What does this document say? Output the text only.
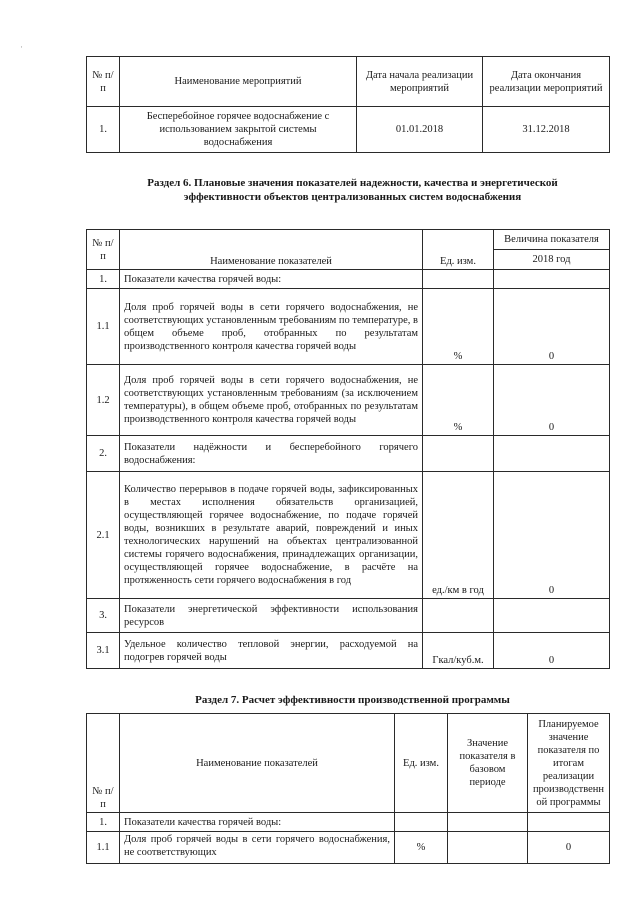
·
№ п/п	Наименование мероприятий	Дата начала реализации мероприятий	Дата окончания реализации мероприятий
1.	Бесперебойное горячее водоснабжение с использованием закрытой системы водоснабжения	01.01.2018	31.12.2018
Раздел 6. Плановые значения показателей надежности, качества и энергетической эффективности объектов централизованных систем водоснабжения
№ п/п	Наименование показателей	Ед. изм.	Величина показателя
			2018 год
1.	Показатели качества горячей воды:		
1.1	Доля проб горячей воды в сети горячего водоснабжения, не соответствующих установленным требованиям по температуре, в общем объеме проб, отобранных по результатам производственного контроля качества горячей воды	%	0
1.2	Доля проб горячей воды в сети горячего водоснабжения, не соответствующих установленным требованиям (за исключением температуры), в общем объеме проб, отобранных по результатам производственного контроля качества горячей воды	%	0
2.	Показатели надёжности и бесперебойного горячего водоснабжения:		
2.1	Количество перерывов в подаче горячей воды, зафиксированных в местах исполнения обязательств организацией, осуществляющей горячее водоснабжение, по подаче горячей воды, возникших в результате аварий, повреждений и иных технологических нарушений на объектах централизованной системы горячего водоснабжения, принадлежащих организации, осуществляющей горячее водоснабжение, в расчёте на протяженность сети горячего водоснабжения в год	ед./км в год	0
3.	Показатели энергетической эффективности использования ресурсов		
3.1	Удельное количество тепловой энергии, расходуемой на подогрев горячей воды	Гкал/куб.м.	0
Раздел 7. Расчет эффективности производственной программы
№ п/п	Наименование показателей	Ед. изм.	Значение показателя в базовом периоде	Планируемое значение показателя по итогам реализации производственн ой программы
1.	Показатели качества горячей воды:			
1.1	Доля проб горячей воды в сети горячего водоснабжения, не соответствующих	%		0
